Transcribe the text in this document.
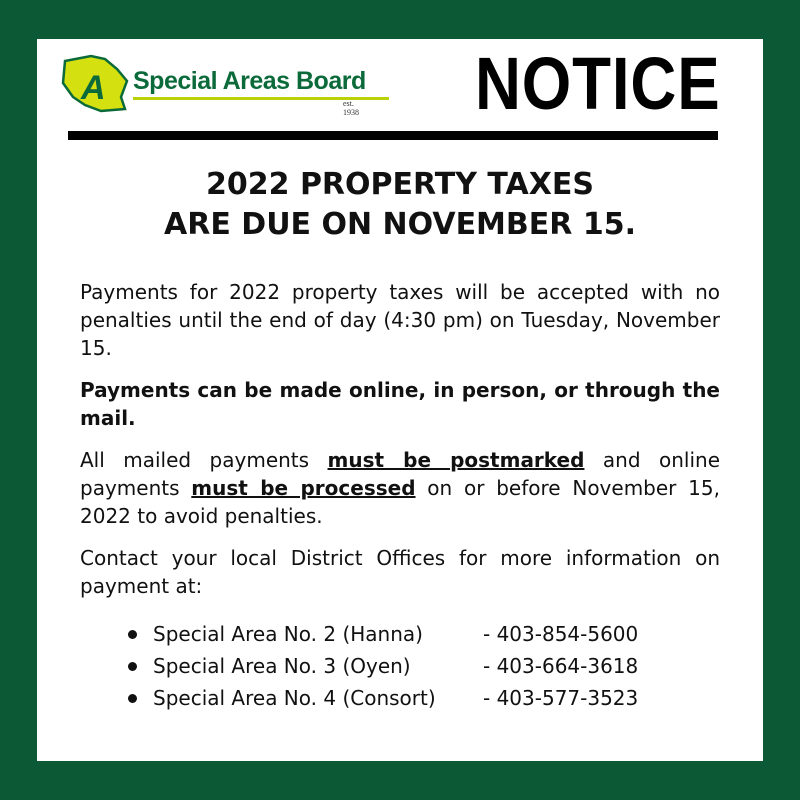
A Special Areas Board
est. 1938 NOTICE
2022 PROPERTY TAXES
ARE DUE ON NOVEMBER 15.

Payments for 2022 property taxes will be accepted with no penalties until the end of day (4:30 pm) on Tuesday, November 15.

Payments can be made online, in person, or through the mail.

All mailed payments must be postmarked and online payments must be processed on or before November 15, 2022 to avoid penalties.

Contact your local District Offices for more information on payment at:

Special Area No. 2 (Hanna)	- 403-854-5600
Special Area No. 3 (Oyen)	- 403-664-3618
Special Area No. 4 (Consort)	- 403-577-3523
